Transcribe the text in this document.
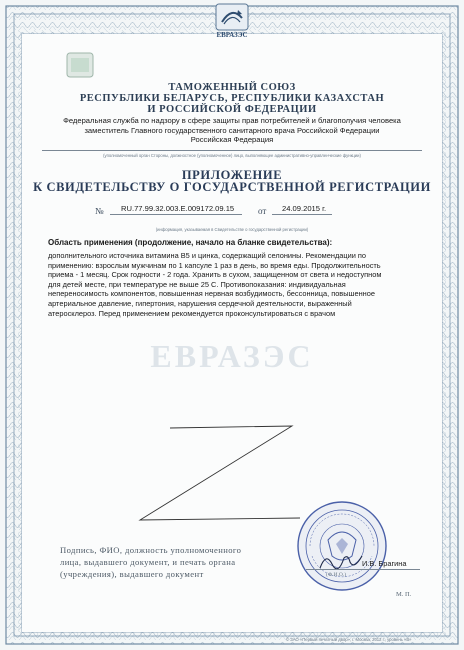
ЕВРАЗЭС
ТАМОЖЕННЫЙ СОЮЗ
РЕСПУБЛИКИ БЕЛАРУСЬ, РЕСПУБЛИКИ КАЗАХСТАН
И РОССИЙСКОЙ ФЕДЕРАЦИИ
Федеральная служба по надзору в сфере защиты прав потребителей и благополучия человека
заместитель Главного государственного санитарного врача Российской Федерации
Российская Федерация
(уполномоченный орган Стороны, должностное (уполномоченное) лицо, выполняющее административно-управленческие функции)
ПРИЛОЖЕНИЕ
К СВИДЕТЕЛЬСТВУ О ГОСУДАРСТВЕННОЙ РЕГИСТРАЦИИ
№ RU.77.99.32.003.Е.009172.09.15	от 24.09.2015 г.
(информация, указываемая в Свидетельстве о государственной регистрации)
Область применения (продолжение, начало на бланке свидетельства):
дополнительного источника витамина В5 и цинка, содержащий селонины. Рекомендации по
применению: взрослым мужчинам по 1 капсуле 1 раз в день, во время еды. Продолжительность
приема - 1 месяц. Срок годности - 2 года. Хранить в сухом, защищенном от света и недоступном
для детей месте, при температуре не выше 25 С. Противопоказания: индивидуальная
непереносимость компонентов, повышенная нервная возбудимость, бессонница, повышенное
артериальное давление, гипертония, нарушения сердечной деятельности, выраженный
атеросклероз. Перед применением рекомендуется проконсультироваться с врачом
ЕВРАЗЭС
Подпись, ФИО, должность уполномоченного
лица, выдавшего документ, и печать органа
(учреждения), выдавшего документ
И.В. Брагина
(Ф.И.О.)
М. П.
© ЗАО «Первый печатный двор», г. Москва, 2012 г., уровень «В»
